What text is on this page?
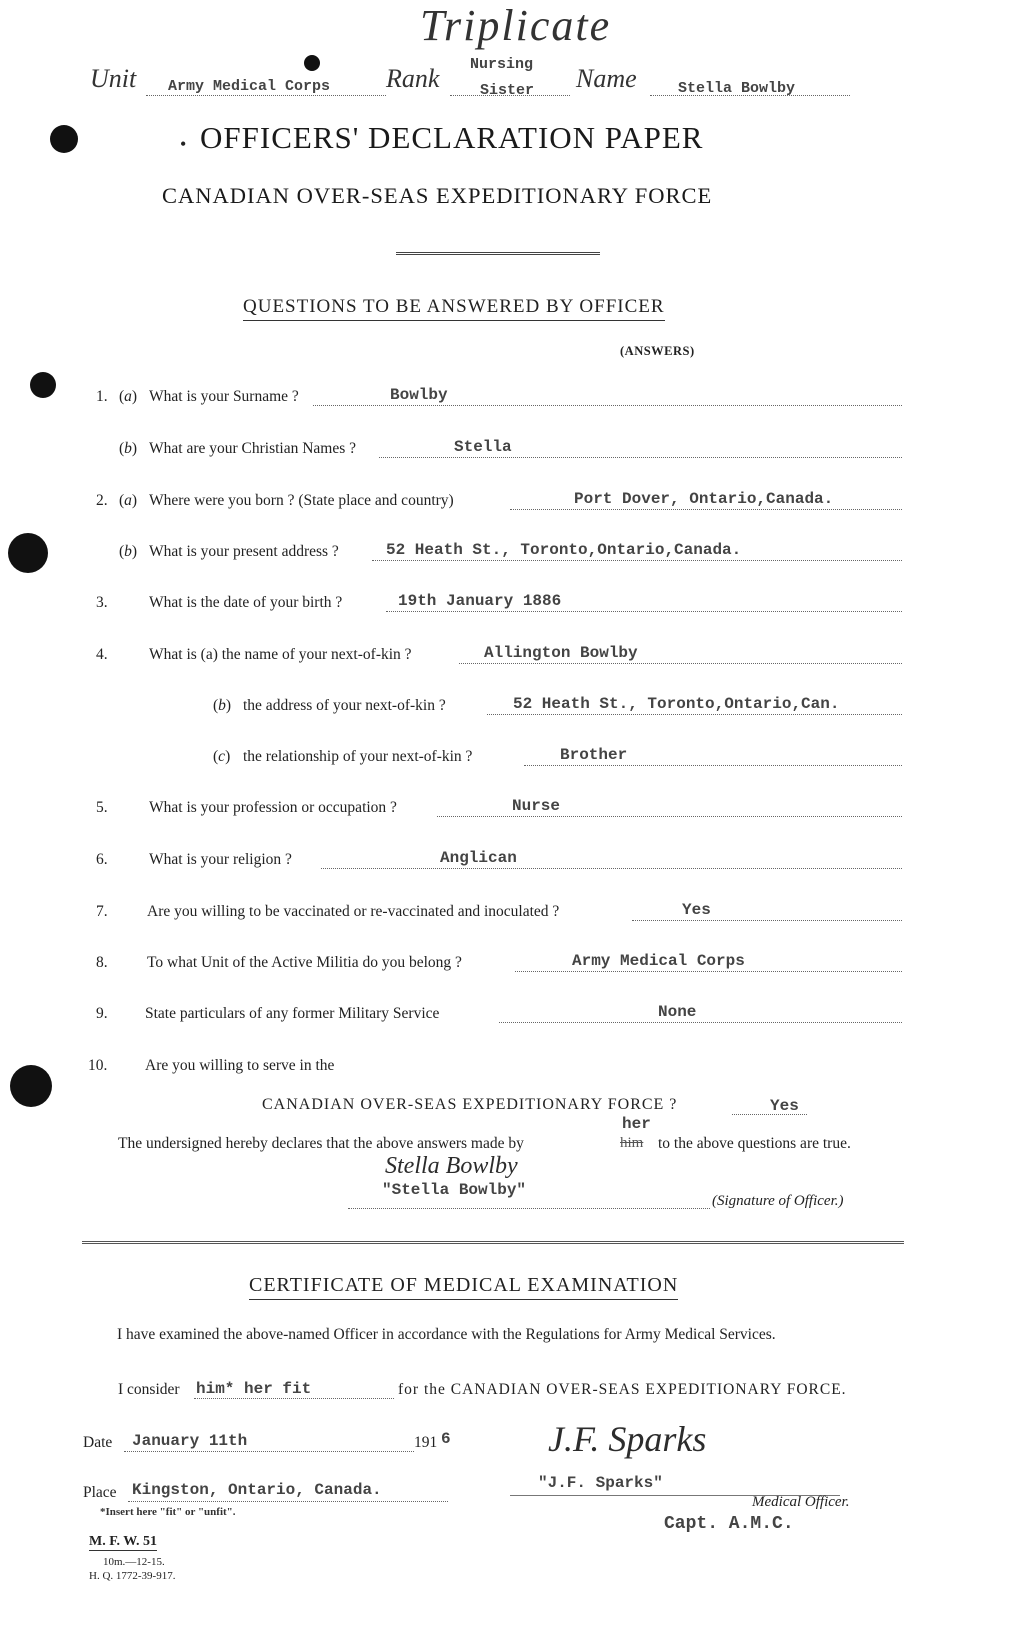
Triplicate
Unit Army Medical Corps Rank Nursing
Sister Name	Stella Bowlby
• OFFICERS' DECLARATION PAPER
CANADIAN OVER-SEAS EXPEDITIONARY FORCE
QUESTIONS TO BE ANSWERED BY OFFICER
(ANSWERS)
1. (a) What is your Surname ?	Bowlby
(b) What are your Christian Names ?	Stella
2. (a) Where were you born ? (State place and country)	Port Dover, Ontario,Canada.
(b) What is your present address ?	52 Heath St., Toronto,Ontario,Canada.
3.	What is the date of your birth ?	19th January 1886
4.	What is (a) the name of your next-of-kin ?	Allington Bowlby
(b) the address of your next-of-kin ?	52 Heath St., Toronto,Ontario,Can.
(c) the relationship of your next-of-kin ?	Brother
5.	What is your profession or occupation ?	Nurse
6.	What is your religion ?	Anglican
7.	Are you willing to be vaccinated or re-vaccinated and inoculated ?	Yes
8.	To what Unit of the Active Militia do you belong ?	Army Medical Corps
9. State particulars of any former Military Service	None
10. Are you willing to serve in the
CANADIAN OVER-SEAS EXPEDITIONARY FORCE ?	Yes
The undersigned hereby declares that the above answers made by
her
him to the above questions are true.
Stella Bowlby
"Stella Bowlby"
(Signature of Officer.)
CERTIFICATE OF MEDICAL EXAMINATION
I have examined the above-named Officer in accordance with the Regulations for Army Medical Services.
I consider him* her fit	for the CANADIAN OVER-SEAS EXPEDITIONARY FORCE.
Date January 11th	191 6
Place Kingston, Ontario, Canada.
*Insert here "fit" or "unfit".
J.F. Sparks
"J.F. Sparks"
Medical Officer.
Capt. A.M.C.
M. F. W. 51
10m.—12-15.
H. Q. 1772-39-917.
